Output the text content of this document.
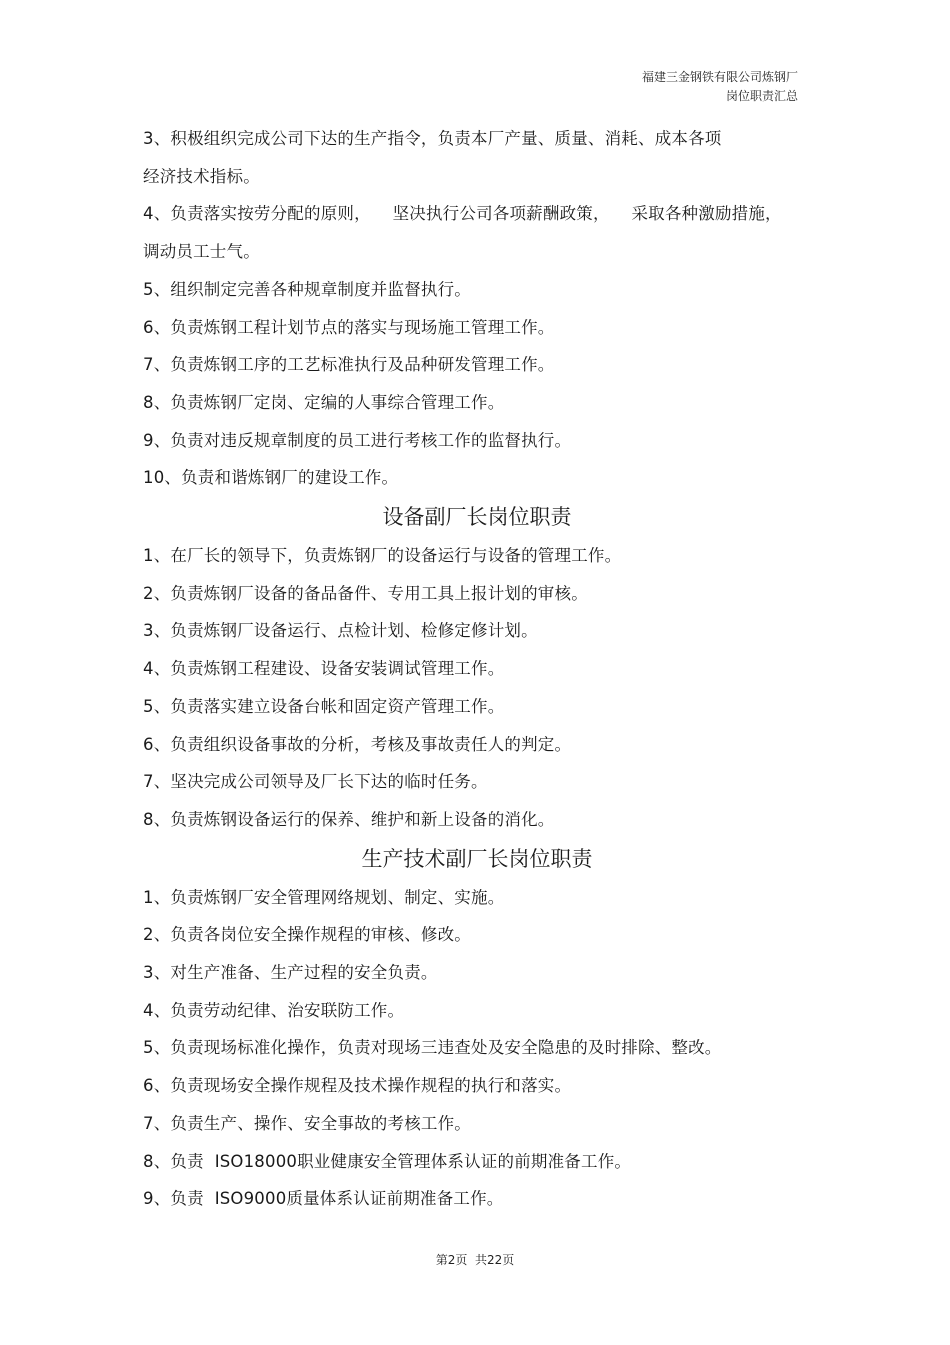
福建三金钢铁有限公司炼钢厂
岗位职责汇总
3、积极组织完成公司下达的生产指令，负责本厂产量、质量、消耗、成本各项
经济技术指标。
4、负责落实按劳分配的原则，    坚决执行公司各项薪酬政策，    采取各种激励措施，
调动员工士气。
5、组织制定完善各种规章制度并监督执行。
6、负责炼钢工程计划节点的落实与现场施工管理工作。
7、负责炼钢工序的工艺标准执行及品种研发管理工作。
8、负责炼钢厂定岗、定编的人事综合管理工作。
9、负责对违反规章制度的员工进行考核工作的监督执行。
10、负责和谐炼钢厂的建设工作。
设备副厂长岗位职责
1、在厂长的领导下，负责炼钢厂的设备运行与设备的管理工作。
2、负责炼钢厂设备的备品备件、专用工具上报计划的审核。
3、负责炼钢厂设备运行、点检计划、检修定修计划。
4、负责炼钢工程建设、设备安装调试管理工作。
5、负责落实建立设备台帐和固定资产管理工作。
6、负责组织设备事故的分析，考核及事故责任人的判定。
7、坚决完成公司领导及厂长下达的临时任务。
8、负责炼钢设备运行的保养、维护和新上设备的消化。
生产技术副厂长岗位职责
1、负责炼钢厂安全管理网络规划、制定、实施。
2、负责各岗位安全操作规程的审核、修改。
3、对生产准备、生产过程的安全负责。
4、负责劳动纪律、治安联防工作。
5、负责现场标准化操作，负责对现场三违查处及安全隐患的及时排除、整改。
6、负责现场安全操作规程及技术操作规程的执行和落实。
7、负责生产、操作、安全事故的考核工作。
8、负责  ISO18000职业健康安全管理体系认证的前期准备工作。
9、负责  ISO9000质量体系认证前期准备工作。
第2页  共22页
